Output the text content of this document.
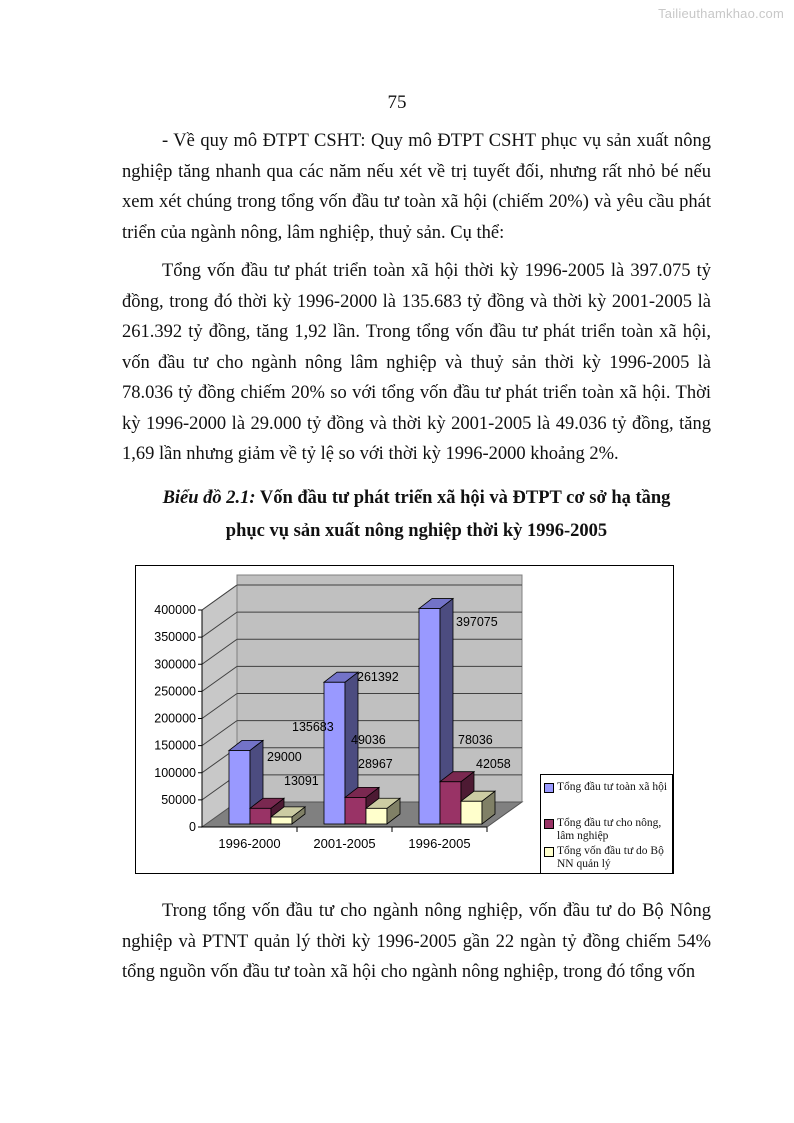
Tailieuthamkhao.com
75

- Về quy mô ĐTPT CSHT: Quy mô ĐTPT CSHT phục vụ sản xuất nông nghiệp tăng nhanh qua các năm nếu xét về trị tuyết đối, nhưng rất nhỏ bé nếu xem xét chúng trong tổng vốn đầu tư toàn xã hội (chiếm 20%) và yêu cầu phát triển của ngành nông, lâm nghiệp, thuỷ sản. Cụ thể:

Tổng vốn đầu tư phát triển toàn xã hội thời kỳ 1996-2005 là 397.075 tỷ đồng, trong đó thời kỳ 1996-2000 là 135.683 tỷ đồng và thời kỳ 2001-2005 là 261.392 tỷ đồng, tăng 1,92 lần. Trong tổng vốn đầu tư phát triển toàn xã hội, vốn đầu tư cho ngành nông lâm nghiệp và thuỷ sản thời kỳ 1996-2005 là 78.036 tỷ đồng chiếm 20% so với tổng vốn đầu tư phát triển toàn xã hội. Thời kỳ 1996-2000 là 29.000 tỷ đồng và thời kỳ 2001-2005 là 49.036 tỷ đồng, tăng 1,69 lần nhưng giảm về tỷ lệ so với thời kỳ 1996-2000 khoảng 2%.

Biểu đồ 2.1: Vốn đầu tư phát triển xã hội và ĐTPT cơ sở hạ tầng
phục vụ sản xuất nông nghiệp thời kỳ 1996-2005
0
50000
100000
150000
200000
250000
300000
350000
400000
1996-2000	2001-2005	1996-2005
135683
29000
13091
261392
49036
28967
397075
78036
42058
Tổng đầu tư toàn xã hội
Tổng đầu tư cho nông, lâm nghiệp
Tổng vốn đầu tư do Bộ NN quản lý

Trong tổng vốn đầu tư cho ngành nông nghiệp, vốn đầu tư do Bộ Nông nghiệp và PTNT quản lý thời kỳ 1996-2005 gần 22 ngàn tỷ đồng chiếm 54% tổng nguồn vốn đầu tư toàn xã hội cho ngành nông nghiệp, trong đó tổng vốn
